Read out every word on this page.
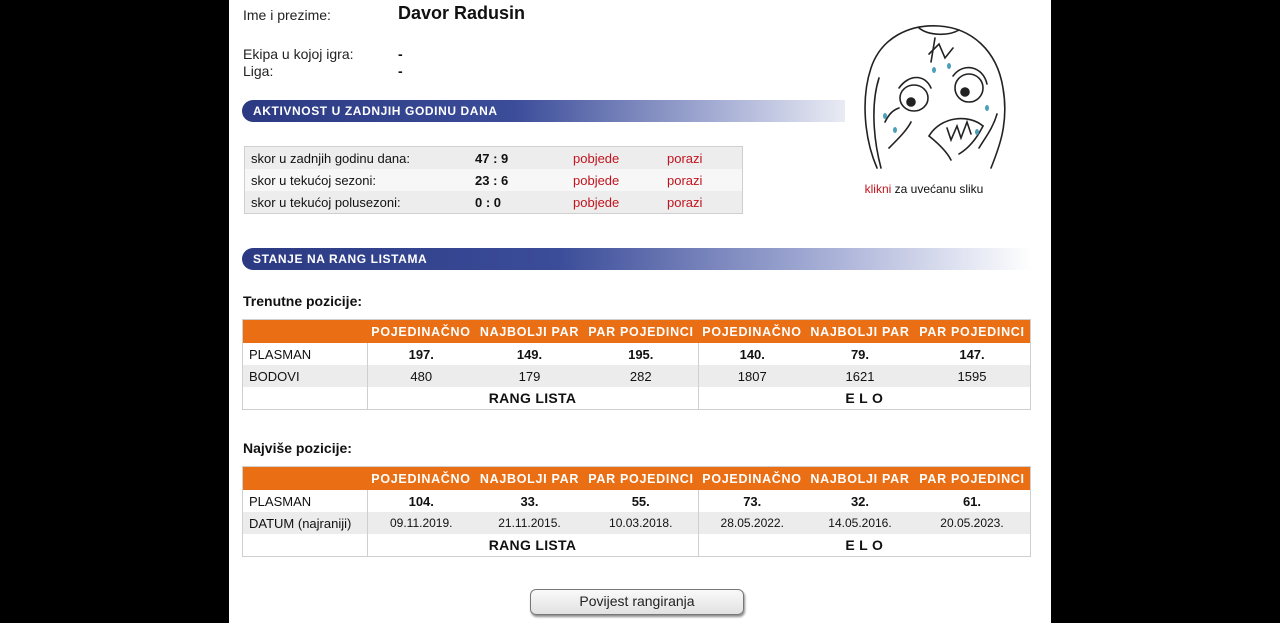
Ime i prezime:	Davor Radusin
Ekipa u kojoj igra:	-
Liga:	-
AKTIVNOST U ZADNJIH GODINU DANA
skor u zadnjih godinu dana:	47 : 9	pobjede	porazi
skor u tekućoj sezoni:	23 : 6	pobjede	porazi
skor u tekućoj polusezoni:	0 : 0	pobjede	porazi
klikni za uvećanu sliku
STANJE NA RANG LISTAMA
Trenutne pozicije:
	POJEDINAČNO	NAJBOLJI PAR	PAR POJEDINCI	POJEDINAČNO	NAJBOLJI PAR	PAR POJEDINCI
PLASMAN	197.	149.	195.	140.	79.	147.
BODOVI	480	179	282	1807	1621	1595
	RANG LISTA			E L O		
Najviše pozicije:
	POJEDINAČNO	NAJBOLJI PAR	PAR POJEDINCI	POJEDINAČNO	NAJBOLJI PAR	PAR POJEDINCI
PLASMAN	104.	33.	55.	73.	32.	61.
DATUM (najraniji)	09.11.2019.	21.11.2015.	10.03.2018.	28.05.2022.	14.05.2016.	20.05.2023.
	RANG LISTA			E L O		
Povijest rangiranja
